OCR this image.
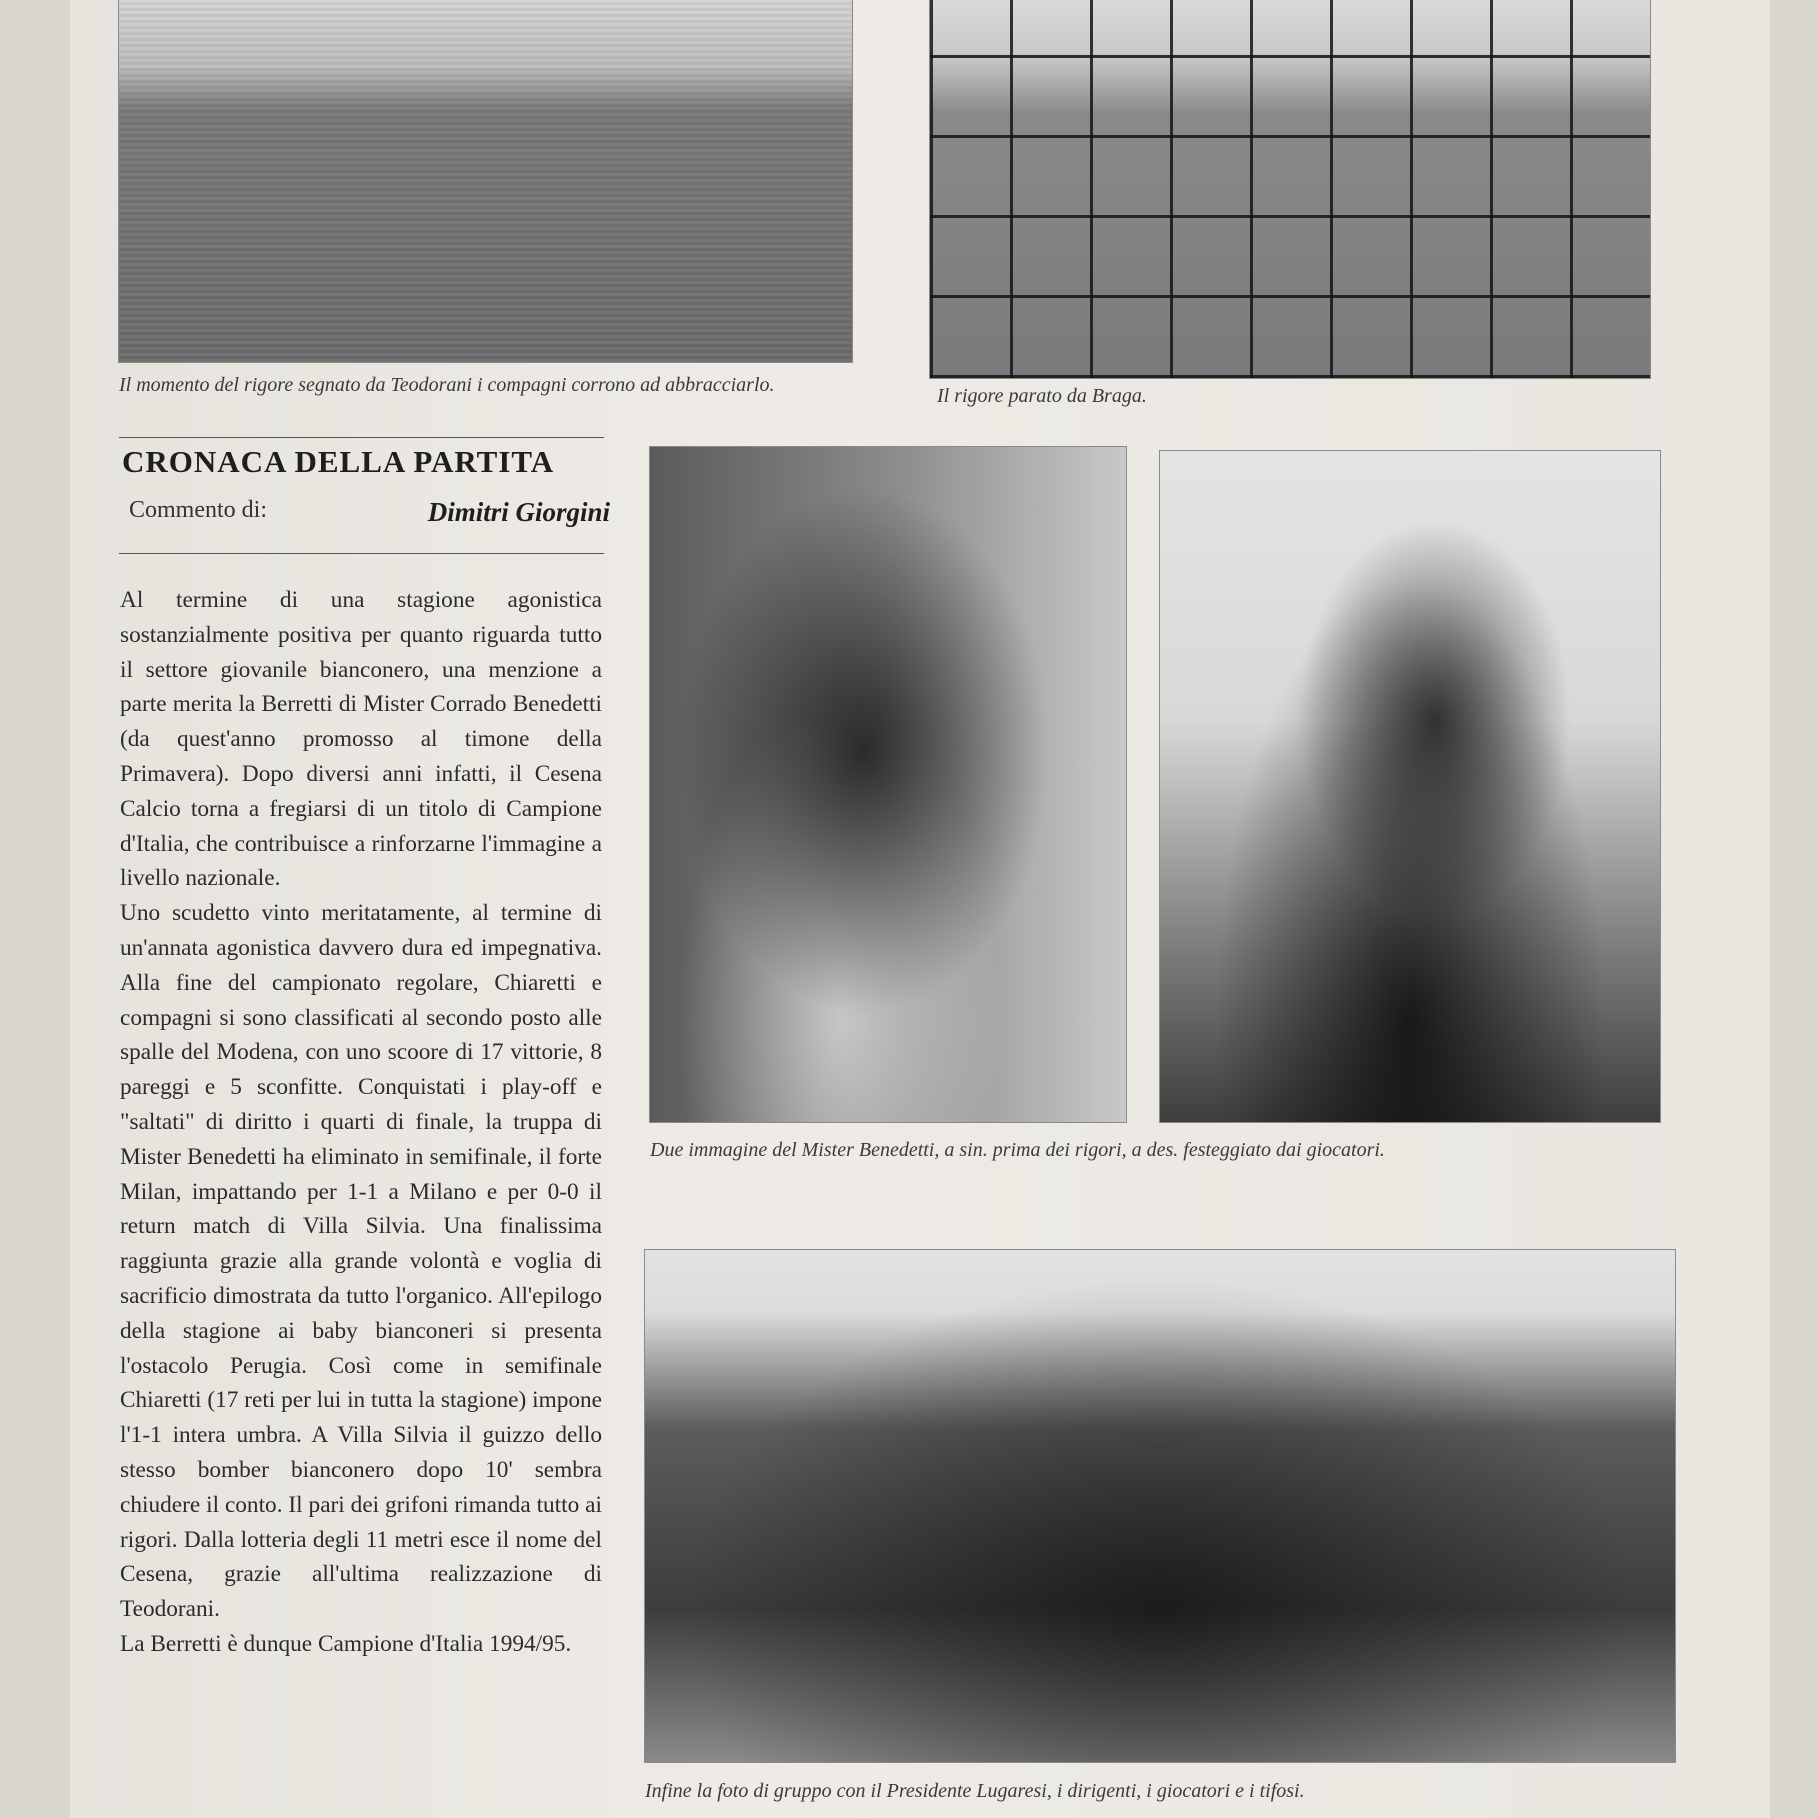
Il momento del rigore segnato da Teodorani i compagni corrono ad abbracciarlo.	Il rigore parato da Braga.
CRONACA DELLA PARTITA
Commento di:	Dimitri Giorgini

Al termine di una stagione agonistica sostanzialmente positiva per quanto riguarda tutto il settore giovanile bianconero, una menzione a parte merita la Berretti di Mister Corrado Benedetti (da quest'anno promosso al timone della Primavera). Dopo diversi anni infatti, il Cesena Calcio torna a fregiarsi di un titolo di Campione d'Italia, che contribuisce a rinforzarne l'immagine a livello nazionale.

Uno scudetto vinto meritatamente, al termine di un'annata agonistica davvero dura ed impegnativa. Alla fine del campionato regolare, Chiaretti e compagni si sono classificati al secondo posto alle spalle del Modena, con uno scoore di 17 vittorie, 8 pareggi e 5 sconfitte. Conquistati i play-off e "saltati" di diritto i quarti di finale, la truppa di Mister Benedetti ha eliminato in semifinale, il forte Milan, impattando per 1-1 a Milano e per 0-0 il return match di Villa Silvia. Una finalissima raggiunta grazie alla grande volontà e voglia di sacrificio dimostrata da tutto l'organico. All'epilogo della stagione ai baby bianconeri si presenta l'ostacolo Perugia. Così come in semifinale Chiaretti (17 reti per lui in tutta la stagione) impone l'1-1 intera umbra. A Villa Silvia il guizzo dello stesso bomber bianconero dopo 10' sembra chiudere il conto. Il pari dei grifoni rimanda tutto ai rigori. Dalla lotteria degli 11 metri esce il nome del Cesena, grazie all'ultima realizzazione di Teodorani.

La Berretti è dunque Campione d'Italia 1994/95.

Due immagine del Mister Benedetti, a sin. prima dei rigori, a des. festeggiato dai giocatori.
Infine la foto di gruppo con il Presidente Lugaresi, i dirigenti, i giocatori e i tifosi.
